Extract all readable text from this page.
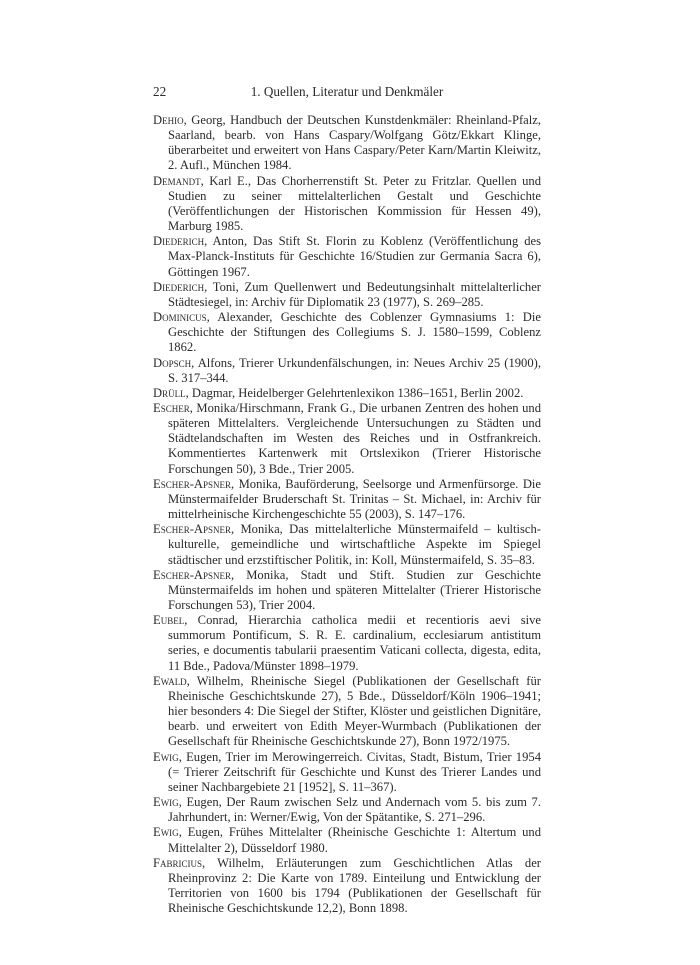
22	1. Quellen, Literatur und Denkmäler
Dehio, Georg, Handbuch der Deutschen Kunstdenkmäler: Rheinland-Pfalz, Saarland, bearb. von Hans Caspary/Wolfgang Götz/Ekkart Klinge, überarbeitet und erweitert von Hans Caspary/Peter Karn/Martin Kleiwitz, 2. Aufl., München 1984.
Demandt, Karl E., Das Chorherrenstift St. Peter zu Fritzlar. Quellen und Studien zu seiner mittelalterlichen Gestalt und Geschichte (Veröffentlichungen der Historischen Kommission für Hessen 49), Marburg 1985.
Diederich, Anton, Das Stift St. Florin zu Koblenz (Veröffentlichung des Max-Planck-Instituts für Geschichte 16/Studien zur Germania Sacra 6), Göttingen 1967.
Diederich, Toni, Zum Quellenwert und Bedeutungsinhalt mittelalterlicher Städtesiegel, in: Archiv für Diplomatik 23 (1977), S. 269–285.
Dominicus, Alexander, Geschichte des Coblenzer Gymnasiums 1: Die Geschichte der Stiftungen des Collegiums S. J. 1580–1599, Coblenz 1862.
Dopsch, Alfons, Trierer Urkundenfälschungen, in: Neues Archiv 25 (1900), S. 317–344.
Drüll, Dagmar, Heidelberger Gelehrtenlexikon 1386–1651, Berlin 2002.
Escher, Monika/Hirschmann, Frank G., Die urbanen Zentren des hohen und späteren Mittelalters. Vergleichende Untersuchungen zu Städten und Städtelandschaften im Westen des Reiches und in Ostfrankreich. Kommentiertes Kartenwerk mit Ortslexikon (Trierer Historische Forschungen 50), 3 Bde., Trier 2005.
Escher-Apsner, Monika, Bauförderung, Seelsorge und Armenfürsorge. Die Münstermaifelder Bruderschaft St. Trinitas – St. Michael, in: Archiv für mittelrheinische Kirchengeschichte 55 (2003), S. 147–176.
Escher-Apsner, Monika, Das mittelalterliche Münstermaifeld – kultisch-kulturelle, gemeindliche und wirtschaftliche Aspekte im Spiegel städtischer und erzstiftischer Politik, in: Koll, Münstermaifeld, S. 35–83.
Escher-Apsner, Monika, Stadt und Stift. Studien zur Geschichte Münstermaifelds im hohen und späteren Mittelalter (Trierer Historische Forschungen 53), Trier 2004.
Eubel, Conrad, Hierarchia catholica medii et recentioris aevi sive summorum Pontificum, S. R. E. cardinalium, ecclesiarum antistitum series, e documentis tabularii praesentim Vaticani collecta, digesta, edita, 11 Bde., Padova/Münster 1898–1979.
Ewald, Wilhelm, Rheinische Siegel (Publikationen der Gesellschaft für Rheinische Geschichtskunde 27), 5 Bde., Düsseldorf/Köln 1906–1941; hier besonders 4: Die Siegel der Stifter, Klöster und geistlichen Dignitäre, bearb. und erweitert von Edith Meyer-Wurmbach (Publikationen der Gesellschaft für Rheinische Geschichtskunde 27), Bonn 1972/1975.
Ewig, Eugen, Trier im Merowingerreich. Civitas, Stadt, Bistum, Trier 1954 (= Trierer Zeitschrift für Geschichte und Kunst des Trierer Landes und seiner Nachbargebiete 21 [1952], S. 11–367).
Ewig, Eugen, Der Raum zwischen Selz und Andernach vom 5. bis zum 7. Jahrhundert, in: Werner/Ewig, Von der Spätantike, S. 271–296.
Ewig, Eugen, Frühes Mittelalter (Rheinische Geschichte 1: Altertum und Mittelalter 2), Düsseldorf 1980.
Fabricius, Wilhelm, Erläuterungen zum Geschichtlichen Atlas der Rheinprovinz 2: Die Karte von 1789. Einteilung und Entwicklung der Territorien von 1600 bis 1794 (Publikationen der Gesellschaft für Rheinische Geschichtskunde 12,2), Bonn 1898.
